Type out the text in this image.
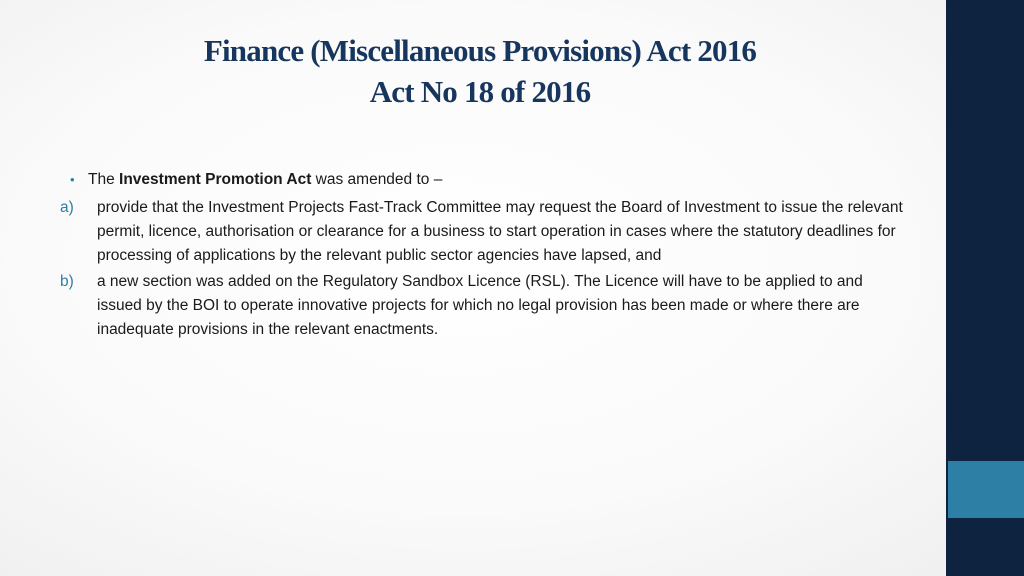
Finance (Miscellaneous Provisions) Act 2016
Act No 18 of 2016
• The Investment Promotion Act was amended to –
a) provide that the Investment Projects Fast-Track Committee may request the Board of Investment to issue the relevant permit, licence, authorisation or clearance for a business to start operation in cases where the statutory deadlines for processing of applications by the relevant public sector agencies have lapsed, and
b) a new section was added on the Regulatory Sandbox Licence (RSL). The Licence will have to be applied to and issued by the BOI to operate innovative projects for which no legal provision has been made or where there are inadequate provisions in the relevant enactments.
